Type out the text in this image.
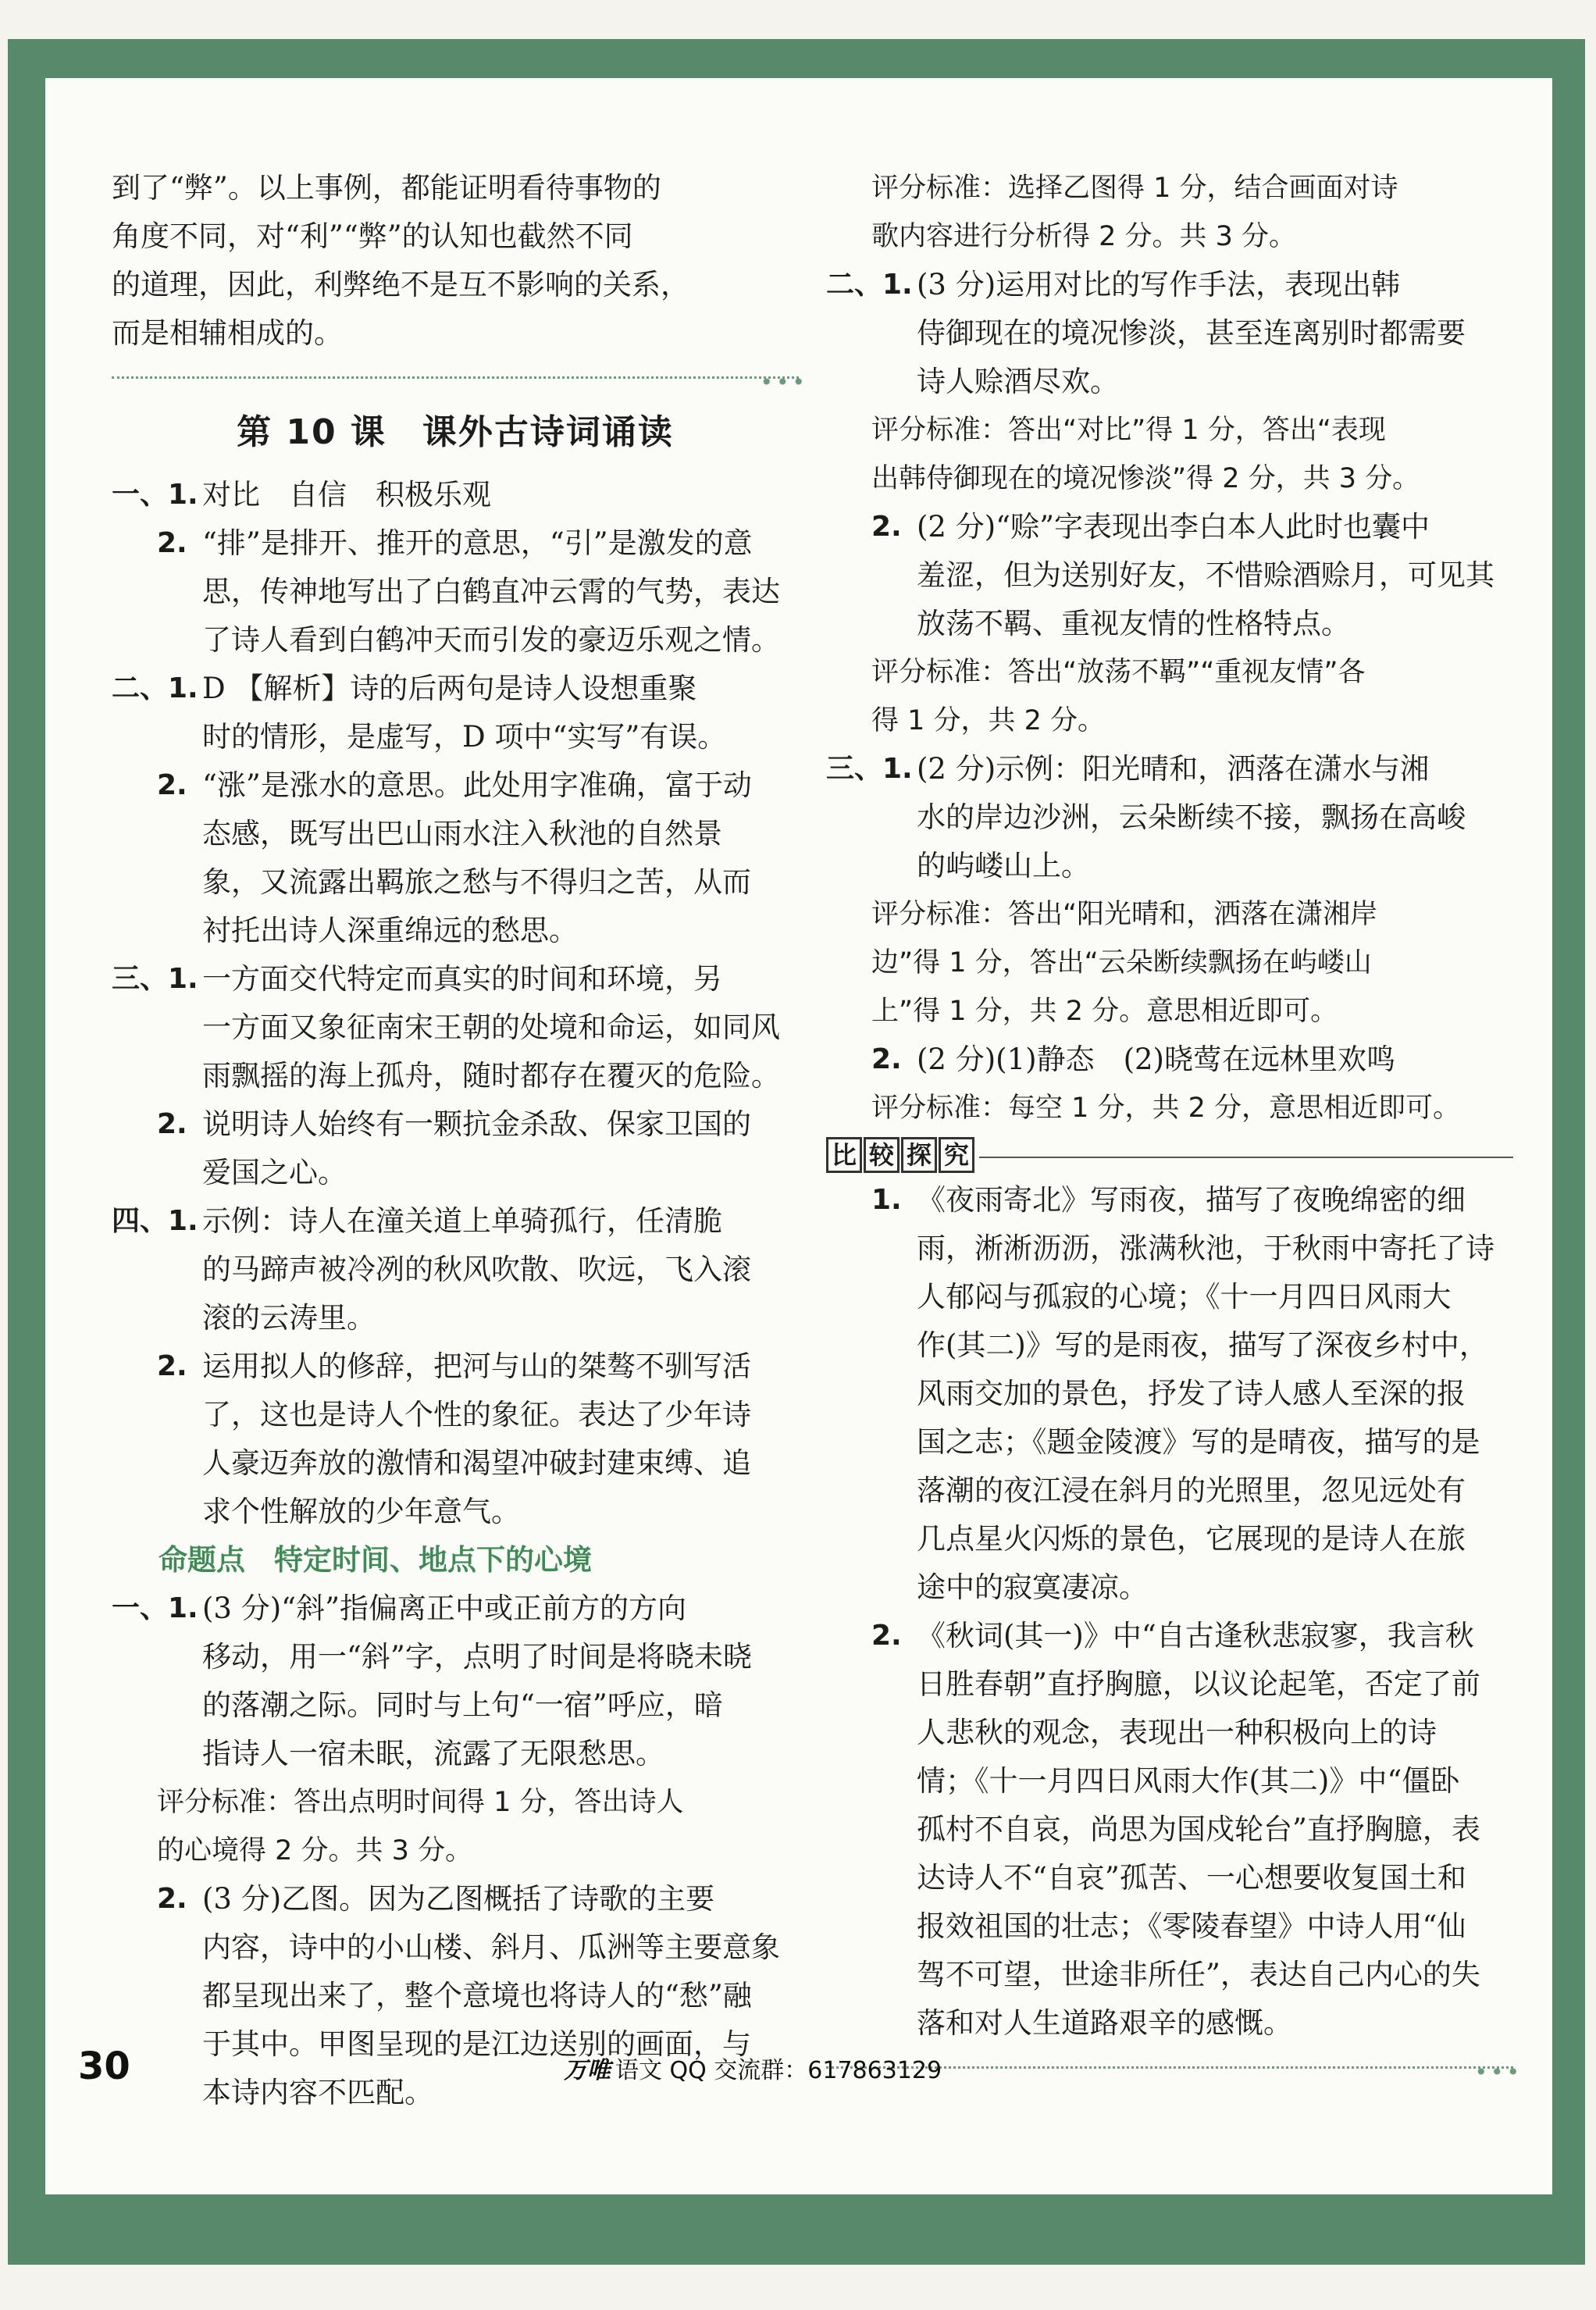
到了“弊”。以上事例，都能证明看待事物的
角度不同，对“利”“弊”的认知也截然不同
的道理，因此，利弊绝不是互不影响的关系，
而是相辅相成的。
•••
第 10 课　课外古诗词诵读
一、1. 对比　自信　积极乐观
2. “排”是排开、推开的意思，“引”是激发的意
思，传神地写出了白鹤直冲云霄的气势，表达
了诗人看到白鹤冲天而引发的豪迈乐观之情。
二、1. D 【解析】诗的后两句是诗人设想重聚
时的情形，是虚写，D 项中“实写”有误。
2. “涨”是涨水的意思。此处用字准确，富于动
态感，既写出巴山雨水注入秋池的自然景
象，又流露出羁旅之愁与不得归之苦，从而
衬托出诗人深重绵远的愁思。
三、1. 一方面交代特定而真实的时间和环境，另
一方面又象征南宋王朝的处境和命运，如同风
雨飘摇的海上孤舟，随时都存在覆灭的危险。
2. 说明诗人始终有一颗抗金杀敌、保家卫国的
爱国之心。
四、1. 示例：诗人在潼关道上单骑孤行，任清脆
的马蹄声被冷冽的秋风吹散、吹远，飞入滚
滚的云涛里。
2. 运用拟人的修辞，把河与山的桀骜不驯写活
了，这也是诗人个性的象征。表达了少年诗
人豪迈奔放的激情和渴望冲破封建束缚、追
求个性解放的少年意气。
命题点　特定时间、地点下的心境
一、1. (3 分)“斜”指偏离正中或正前方的方向
移动，用一“斜”字，点明了时间是将晓未晓
的落潮之际。同时与上句“一宿”呼应，暗
指诗人一宿未眠，流露了无限愁思。
评分标准：答出点明时间得 1 分，答出诗人
的心境得 2 分。共 3 分。
2. (3 分)乙图。因为乙图概括了诗歌的主要
内容，诗中的小山楼、斜月、瓜洲等主要意象
都呈现出来了，整个意境也将诗人的“愁”融
于其中。甲图呈现的是江边送别的画面，与
本诗内容不匹配。
评分标准：选择乙图得 1 分，结合画面对诗
歌内容进行分析得 2 分。共 3 分。
二、1. (3 分)运用对比的写作手法，表现出韩
侍御现在的境况惨淡，甚至连离别时都需要
诗人赊酒尽欢。
评分标准：答出“对比”得 1 分，答出“表现
出韩侍御现在的境况惨淡”得 2 分，共 3 分。
2. (2 分)“赊”字表现出李白本人此时也囊中
羞涩，但为送别好友，不惜赊酒赊月，可见其
放荡不羁、重视友情的性格特点。
评分标准：答出“放荡不羁”“重视友情”各
得 1 分，共 2 分。
三、1. (2 分)示例：阳光晴和，洒落在潇水与湘
水的岸边沙洲，云朵断续不接，飘扬在高峻
的屿嵝山上。
评分标准：答出“阳光晴和，洒落在潇湘岸
边”得 1 分，答出“云朵断续飘扬在屿嵝山
上”得 1 分，共 2 分。意思相近即可。
2. (2 分)(1)静态　(2)晓莺在远林里欢鸣
评分标准：每空 1 分，共 2 分，意思相近即可。
比 较 探 究
1. 《夜雨寄北》写雨夜，描写了夜晚绵密的细
雨，淅淅沥沥，涨满秋池，于秋雨中寄托了诗
人郁闷与孤寂的心境；《十一月四日风雨大
作(其二)》写的是雨夜，描写了深夜乡村中，
风雨交加的景色，抒发了诗人感人至深的报
国之志；《题金陵渡》写的是晴夜，描写的是
落潮的夜江浸在斜月的光照里，忽见远处有
几点星火闪烁的景色，它展现的是诗人在旅
途中的寂寞凄凉。
2. 《秋词(其一)》中“自古逢秋悲寂寥，我言秋
日胜春朝”直抒胸臆，以议论起笔，否定了前
人悲秋的观念，表现出一种积极向上的诗
情；《十一月四日风雨大作(其二)》中“僵卧
孤村不自哀，尚思为国戍轮台”直抒胸臆，表
达诗人不“自哀”孤苦、一心想要收复国土和
报效祖国的壮志；《零陵春望》中诗人用“仙
驾不可望，世途非所任”，表达自己内心的失
落和对人生道路艰辛的感慨。
•••
30	万唯 语文 QQ 交流群：617863129
